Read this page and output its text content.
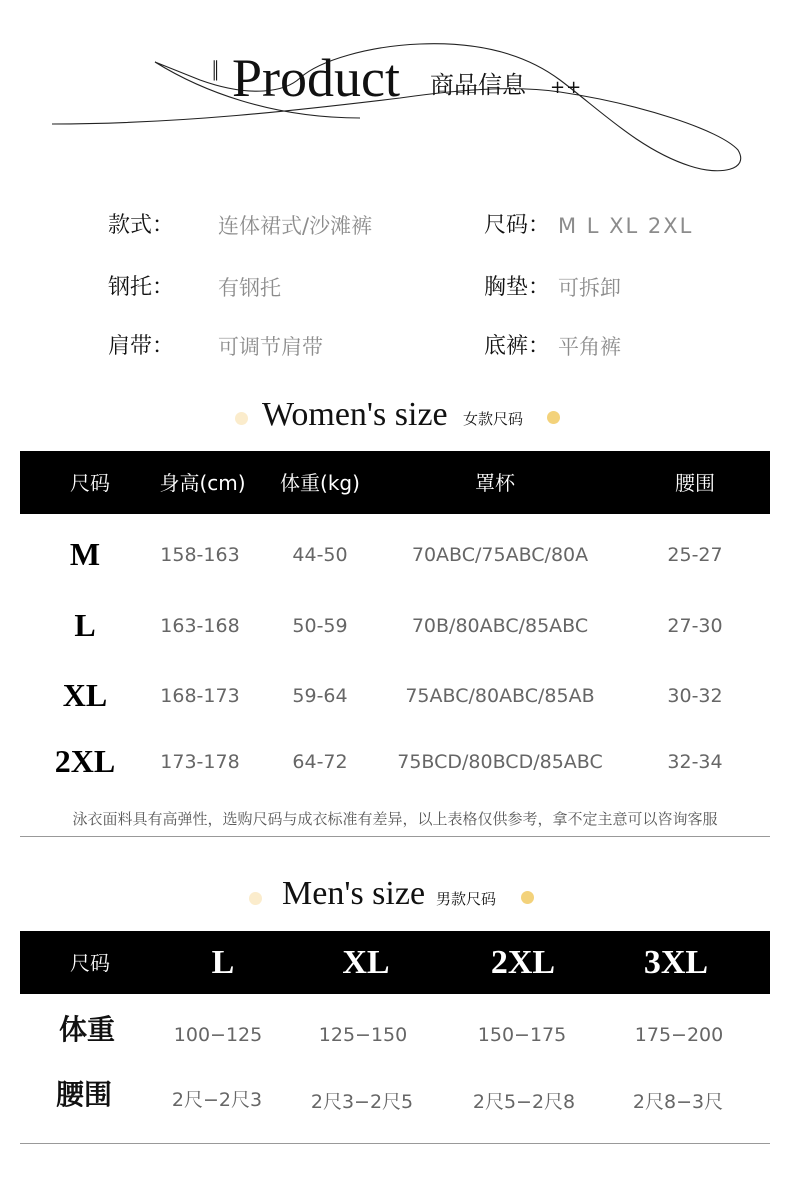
|| Product 商品信息 ++
款式： 连体裙式/沙滩裤	尺码： M L XL 2XL
钢托： 有钢托	胸垫： 可拆卸
肩带： 可调节肩带	底裤： 平角裤
Women's size 女款尺码
尺码	身高(cm)	体重(kg)	罩杯	腰围
M	158-163	44-50	70ABC/75ABC/80A	25-27
L	163-168	50-59	70B/80ABC/85ABC	27-30
XL	168-173	59-64	75ABC/80ABC/85AB	30-32
2XL	173-178	64-72	75BCD/80BCD/85ABC	32-34
泳衣面料具有高弹性，选购尺码与成衣标准有差异，以上表格仅供参考，拿不定主意可以咨询客服
Men's size 男款尺码
尺码	L	XL	2XL	3XL
体重	100−125	125−150	150−175	175−200
腰围	2尺−2尺3	2尺3−2尺5	2尺5−2尺8	2尺8−3尺
